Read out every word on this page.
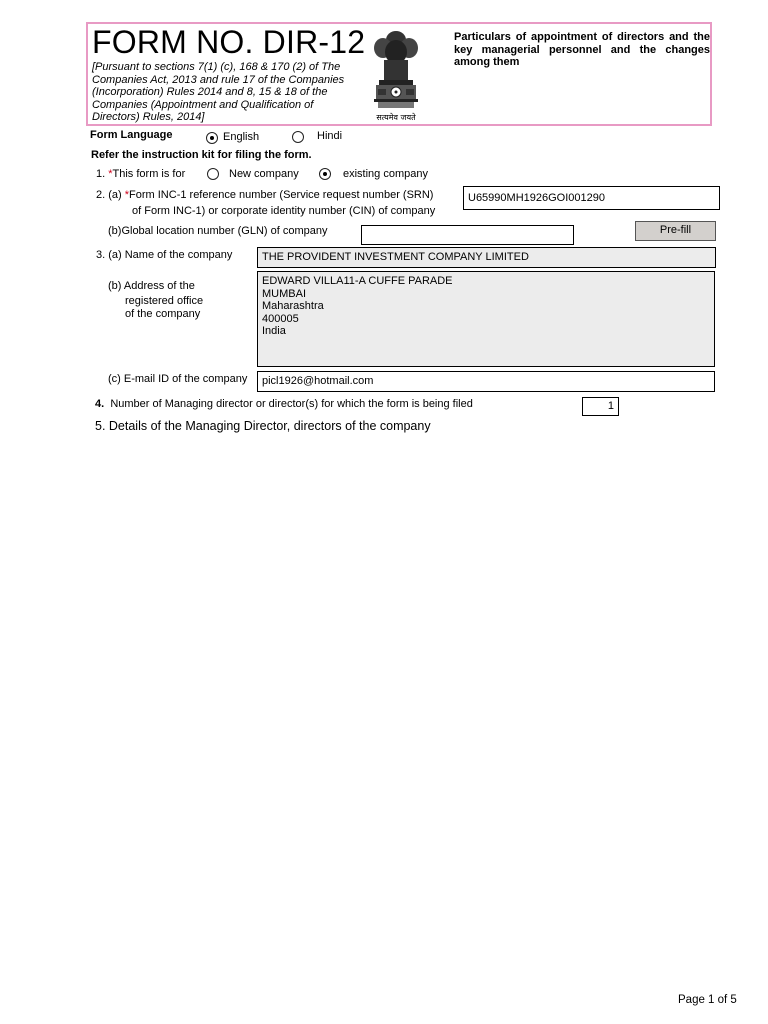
FORM NO. DIR-12
[Pursuant to sections 7(1) (c), 168 & 170 (2) of The Companies Act, 2013 and rule 17 of the Companies (Incorporation) Rules 2014 and 8, 15 & 18 of the Companies (Appointment and Qualification of Directors) Rules, 2014]	सत्यमेव जयते
Particulars of appointment of directors and the key managerial personnel and the changes among them
Form Language	English	Hindi
Refer the instruction kit for filing the form.
1. *This form is for	New company	existing company
2. (a) *Form INC-1 reference number (Service request number (SRN)
of Form INC-1) or corporate identity number (CIN) of company
U65990MH1926GOI001290
(b)Global location number (GLN) of company	Pre-fill
3. (a) Name of the company	THE PROVIDENT INVESTMENT COMPANY LIMITED
(b) Address of the
registered office
of the company
EDWARD VILLA11-A CUFFE PARADE
MUMBAI
Maharashtra
400005
India
(c) E-mail ID of the company	picl1926@hotmail.com
4. Number of Managing director or director(s) for which the form is being filed	1
5. Details of the Managing Director, directors of the company
Page 1 of 5
